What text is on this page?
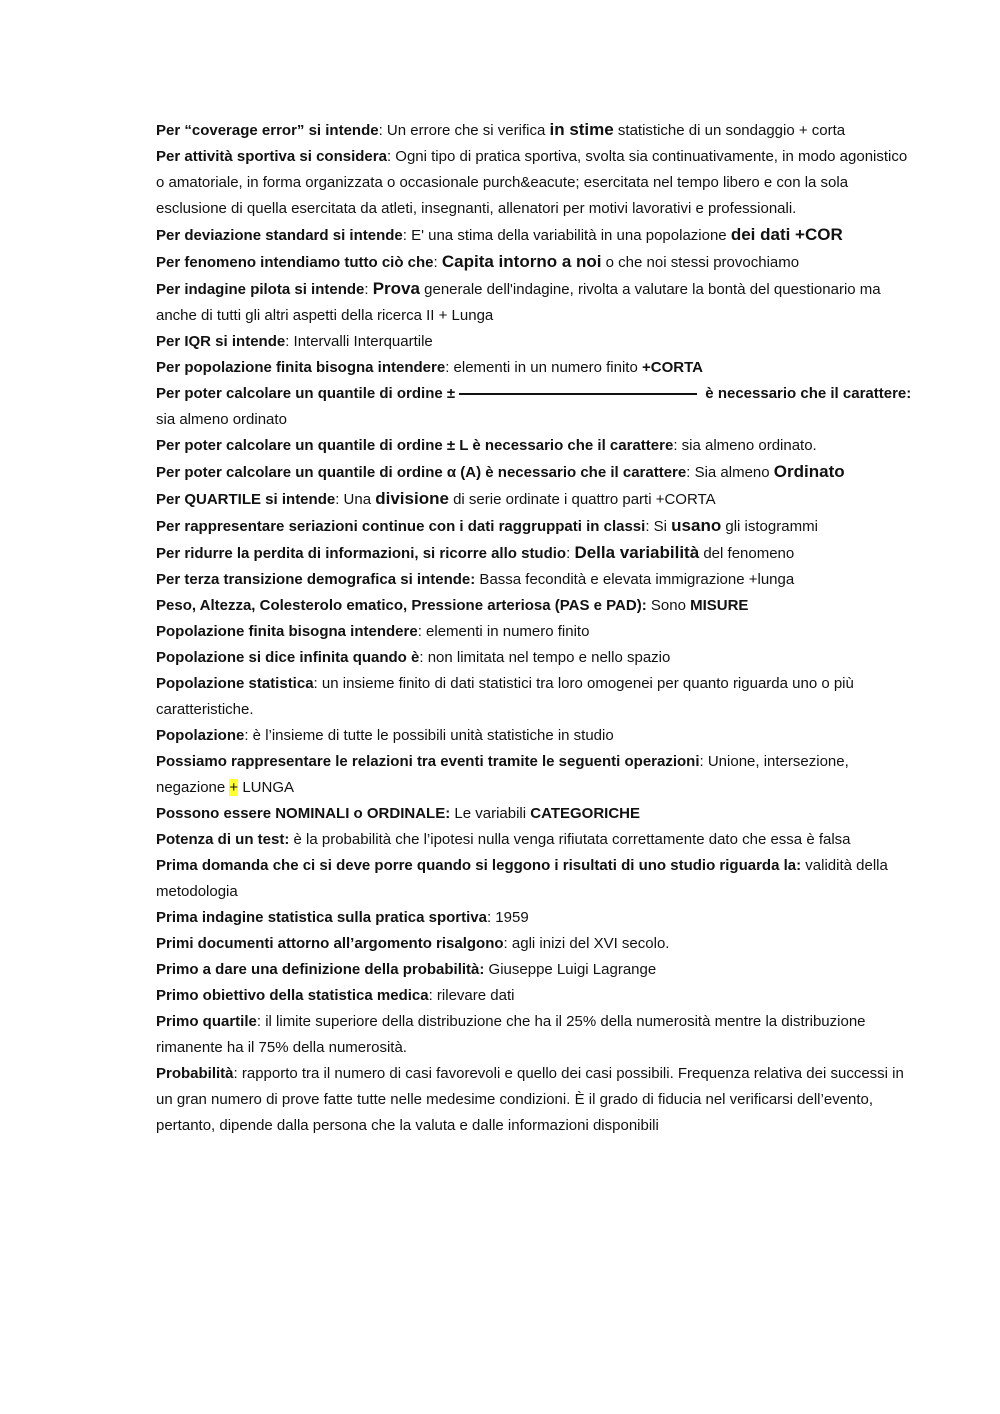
Per “coverage error” si intende: Un errore che si verifica in stime statistiche di un sondaggio + corta

Per attività sportiva si considera: Ogni tipo di pratica sportiva, svolta sia continuativamente, in modo agonistico o amatoriale, in forma organizzata o occasionale purch&eacute; esercitata nel tempo libero e con la sola esclusione di quella esercitata da atleti, insegnanti, allenatori per motivi lavorativi e professionali.

Per deviazione standard si intende: E' una stima della variabilità in una popolazione dei dati +COR

Per fenomeno intendiamo tutto ciò che: Capita intorno a noi o che noi stessi provochiamo

Per indagine pilota si intende: Prova generale dell'indagine, rivolta a valutare la bontà del questionario ma anche di tutti gli altri aspetti della ricerca II + Lunga

Per IQR si intende: Intervalli Interquartile

Per popolazione finita bisogna intendere: elementi in un numero finito +CORTA

Per poter calcolare un quantile di ordine ±	è necessario che il carattere: sia almeno ordinato

Per poter calcolare un quantile di ordine ± L è necessario che il carattere: sia almeno ordinato.

Per poter calcolare un quantile di ordine α (A) è necessario che il carattere: Sia almeno Ordinato

Per QUARTILE si intende: Una divisione di serie ordinate i quattro parti +CORTA

Per rappresentare seriazioni continue con i dati raggruppati in classi: Si usano gli istogrammi

Per ridurre la perdita di informazioni, si ricorre allo studio: Della variabilità del fenomeno

Per terza transizione demografica si intende: Bassa fecondità e elevata immigrazione +lunga

Peso, Altezza, Colesterolo ematico, Pressione arteriosa (PAS e PAD): Sono MISURE

Popolazione finita bisogna intendere: elementi in numero finito

Popolazione si dice infinita quando è: non limitata nel tempo e nello spazio

Popolazione statistica: un insieme finito di dati statistici tra loro omogenei per quanto riguarda uno o più caratteristiche.

Popolazione: è l’insieme di tutte le possibili unità statistiche in studio

Possiamo rappresentare le relazioni tra eventi tramite le seguenti operazioni: Unione, intersezione, negazione + LUNGA

Possono essere NOMINALI o ORDINALE: Le variabili CATEGORICHE

Potenza di un test: è la probabilità che l’ipotesi nulla venga rifiutata correttamente dato che essa è falsa

Prima domanda che ci si deve porre quando si leggono i risultati di uno studio riguarda la: validità della metodologia

Prima indagine statistica sulla pratica sportiva: 1959

Primi documenti attorno all’argomento risalgono: agli inizi del XVI secolo.

Primo a dare una definizione della probabilità: Giuseppe Luigi Lagrange

Primo obiettivo della statistica medica: rilevare dati

Primo quartile: il limite superiore della distribuzione che ha il 25% della numerosità mentre la distribuzione rimanente ha il 75% della numerosità.

Probabilità: rapporto tra il numero di casi favorevoli e quello dei casi possibili. Frequenza relativa dei successi in un gran numero di prove fatte tutte nelle medesime condizioni. È il grado di fiducia nel verificarsi dell’evento, pertanto, dipende dalla persona che la valuta e dalle informazioni disponibili
